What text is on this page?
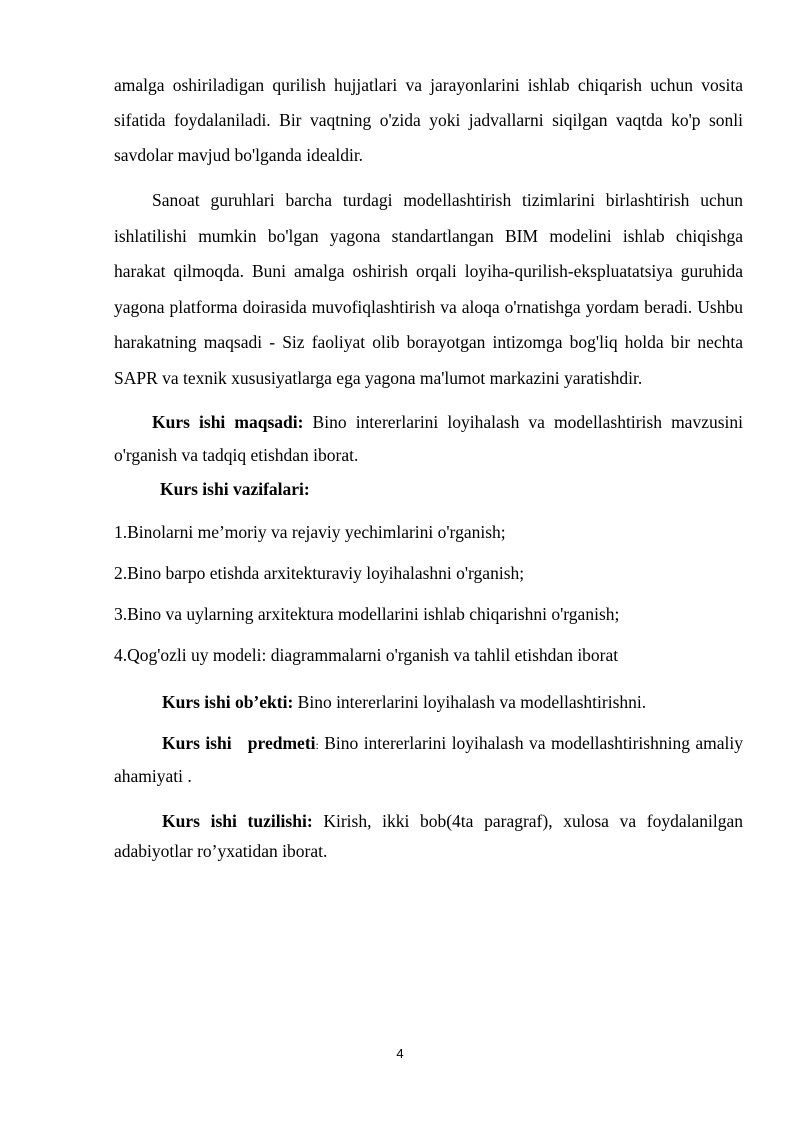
amalga oshiriladigan qurilish hujjatlari va jarayonlarini ishlab chiqarish uchun vosita sifatida foydalaniladi. Bir vaqtning o'zida yoki jadvallarni siqilgan vaqtda ko'p sonli savdolar mavjud bo'lganda idealdir.

Sanoat guruhlari barcha turdagi modellashtirish tizimlarini birlashtirish uchun ishlatilishi mumkin bo'lgan yagona standartlangan BIM modelini ishlab chiqishga harakat qilmoqda. Buni amalga oshirish orqali loyiha-qurilish-ekspluatatsiya guruhida yagona platforma doirasida muvofiqlashtirish va aloqa o'rnatishga yordam beradi. Ushbu harakatning maqsadi - Siz faoliyat olib borayotgan intizomga bog'liq holda bir nechta SAPR va texnik xususiyatlarga ega yagona ma'lumot markazini yaratishdir.

Kurs ishi maqsadi: Bino intererlarini loyihalash va modellashtirish mavzusini o'rganish va tadqiq etishdan iborat.

Kurs ishi vazifalari:

1.Binolarni me’moriy va rejaviy yechimlarini o'rganish;

2.Bino barpo etishda arxitekturaviy loyihalashni o'rganish;

3.Bino va uylarning arxitektura modellarini ishlab chiqarishni o'rganish;

4.Qog'ozli uy modeli: diagrammalarni o'rganish va tahlil etishdan iborat

Kurs ishi ob’ekti: Bino intererlarini loyihalash va modellashtirishni.

Kurs ishi   predmeti: Bino intererlarini loyihalash va modellashtirishning amaliy ahamiyati .

Kurs ishi tuzilishi: Kirish, ikki bob(4ta paragraf), xulosa va foydalanilgan adabiyotlar ro’yxatidan iborat.

4
